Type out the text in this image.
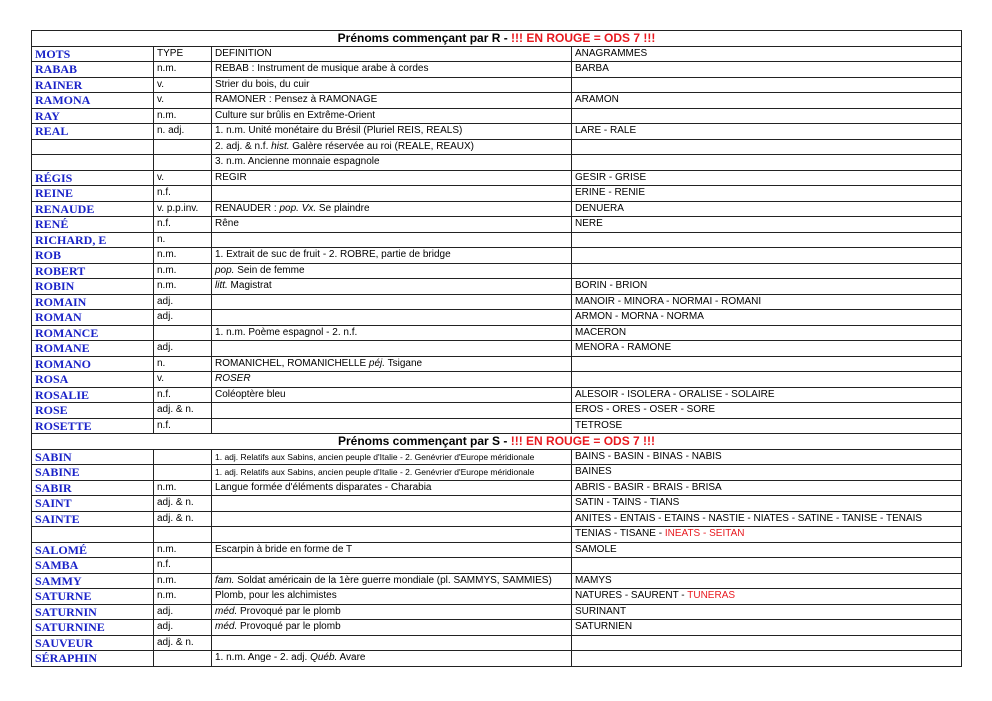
Prénoms commençant par R - !!! EN ROUGE = ODS 7 !!!			
MOTS	TYPE	DEFINITION	ANAGRAMMES
RABAB	n.m.	REBAB : Instrument de musique arabe à cordes	BARBA
RAINER	v.	Strier du bois, du cuir	
RAMONA	v.	RAMONER : Pensez à RAMONAGE	ARAMON
RAY	n.m.	Culture sur brûlis en Extrême-Orient	
REAL	n. adj.	1. n.m. Unité monétaire du Brésil (Pluriel REIS, REALS)	LARE - RALE
		2. adj. & n.f. hist. Galère réservée au roi (REALE, REAUX)	
		3. n.m. Ancienne monnaie espagnole	
RÉGIS	v.	REGIR	GESIR - GRISE
REINE	n.f.		ERINE - RENIE
RENAUDE	v. p.p.inv.	RENAUDER : pop. Vx. Se plaindre	DENUERA
RENÉ	n.f.	Rêne	NERE
RICHARD, E	n.		
ROB	n.m.	1. Extrait de suc de fruit - 2. ROBRE, partie de bridge	
ROBERT	n.m.	pop. Sein de femme	
ROBIN	n.m.	litt. Magistrat	BORIN - BRION
ROMAIN	adj.		MANOIR - MINORA - NORMAI - ROMANI
ROMAN	adj.		ARMON - MORNA - NORMA
ROMANCE		1. n.m. Poème espagnol - 2. n.f.	MACERON
ROMANE	adj.		MENORA - RAMONE
ROMANO	n.	ROMANICHEL, ROMANICHELLE péj. Tsigane	
ROSA	v.	ROSER	
ROSALIE	n.f.	Coléoptère bleu	ALESOIR - ISOLERA - ORALISE - SOLAIRE
ROSE	adj. & n.		EROS - ORES - OSER - SORE
ROSETTE	n.f.		TETROSE
Prénoms commençant par S - !!! EN ROUGE = ODS 7 !!!			
SABIN		1. adj. Relatifs aux Sabins, ancien peuple d'Italie - 2. Genévrier d'Europe méridionale	BAINS - BASIN - BINAS - NABIS
SABINE		1. adj. Relatifs aux Sabins, ancien peuple d'Italie - 2. Genévrier d'Europe méridionale	BAINES
SABIR	n.m.	Langue formée d'éléments disparates - Charabia	ABRIS - BASIR - BRAIS - BRISA
SAINT	adj. & n.		SATIN - TAINS - TIANS
SAINTE	adj. & n.		ANITES - ENTAIS - ETAINS - NASTIE - NIATES - SATINE - TANISE - TENAIS
			TENIAS - TISANE - INEATS - SEITAN
SALOMÉ	n.m.	Escarpin à bride en forme de T	SAMOLE
SAMBA	n.f.		
SAMMY	n.m.	fam. Soldat américain de la 1ère guerre mondiale (pl. SAMMYS, SAMMIES)	MAMYS
SATURNE	n.m.	Plomb, pour les alchimistes	NATURES - SAURENT - TUNERAS
SATURNIN	adj.	méd. Provoqué par le plomb	SURINANT
SATURNINE	adj.	méd. Provoqué par le plomb	SATURNIEN
SAUVEUR	adj. & n.		
SÉRAPHIN		1. n.m. Ange - 2. adj. Québ. Avare	
